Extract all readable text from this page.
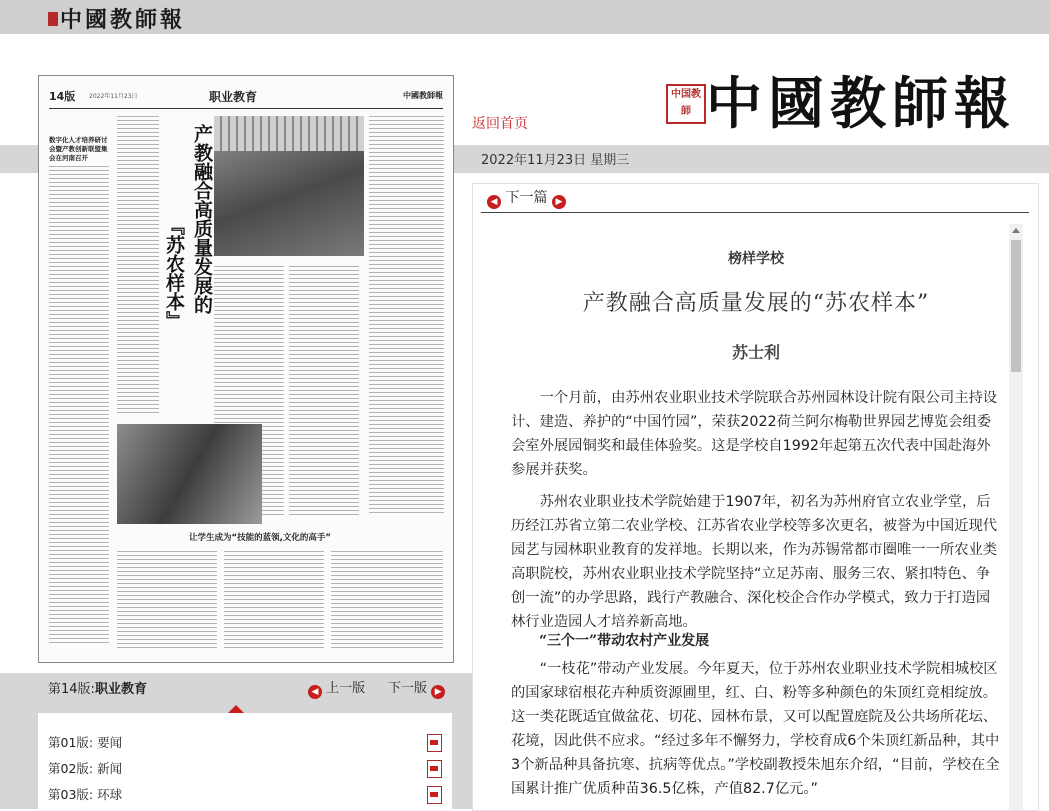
中國教師報
14版 2022年11月23日	职业教育	中國教師報
数字化人才培养研讨会暨产教创新联盟集会在河南召开	产教融合高质量发展的
『苏农样本』
让学生成为“技能的蓝领,文化的高手”
第14版:职业教育	◀ 上一版 下一版 ▶
第01版: 要闻
第02版: 新闻
第03版: 环球
中国教師 中國教師報
返回首页
2022年11月23日 星期三
◀ 下一篇 ▶
榜样学校
产教融合高质量发展的“苏农样本”
苏士利

一个月前，由苏州农业职业技术学院联合苏州园林设计院有限公司主持设计、建造、养护的“中国竹园”，荣获2022荷兰阿尔梅勒世界园艺博览会组委会室外展园铜奖和最佳体验奖。这是学校自1992年起第五次代表中国赴海外参展并获奖。

苏州农业职业技术学院始建于1907年，初名为苏州府官立农业学堂，后历经江苏省立第二农业学校、江苏省农业学校等多次更名，被誉为中国近现代园艺与园林职业教育的发祥地。长期以来，作为苏锡常都市圈唯一一所农业类高职院校，苏州农业职业技术学院坚持“立足苏南、服务三农、紧扣特色、争创一流”的办学思路，践行产教融合、深化校企合作办学模式，致力于打造园林行业造园人才培养新高地。

“三个一”带动农村产业发展

“一枝花”带动产业发展。今年夏天，位于苏州农业职业技术学院相城校区的国家球宿根花卉种质资源圃里，红、白、粉等多种颜色的朱顶红竞相绽放。这一类花既适宜做盆花、切花、园林布景，又可以配置庭院及公共场所花坛、花境，因此供不应求。“经过多年不懈努力，学校育成6个朱顶红新品种，其中3个新品种具备抗寒、抗病等优点。”学校副教授朱旭东介绍，“目前，学校在全国累计推广优质种苗36.5亿株，产值82.7亿元。”
